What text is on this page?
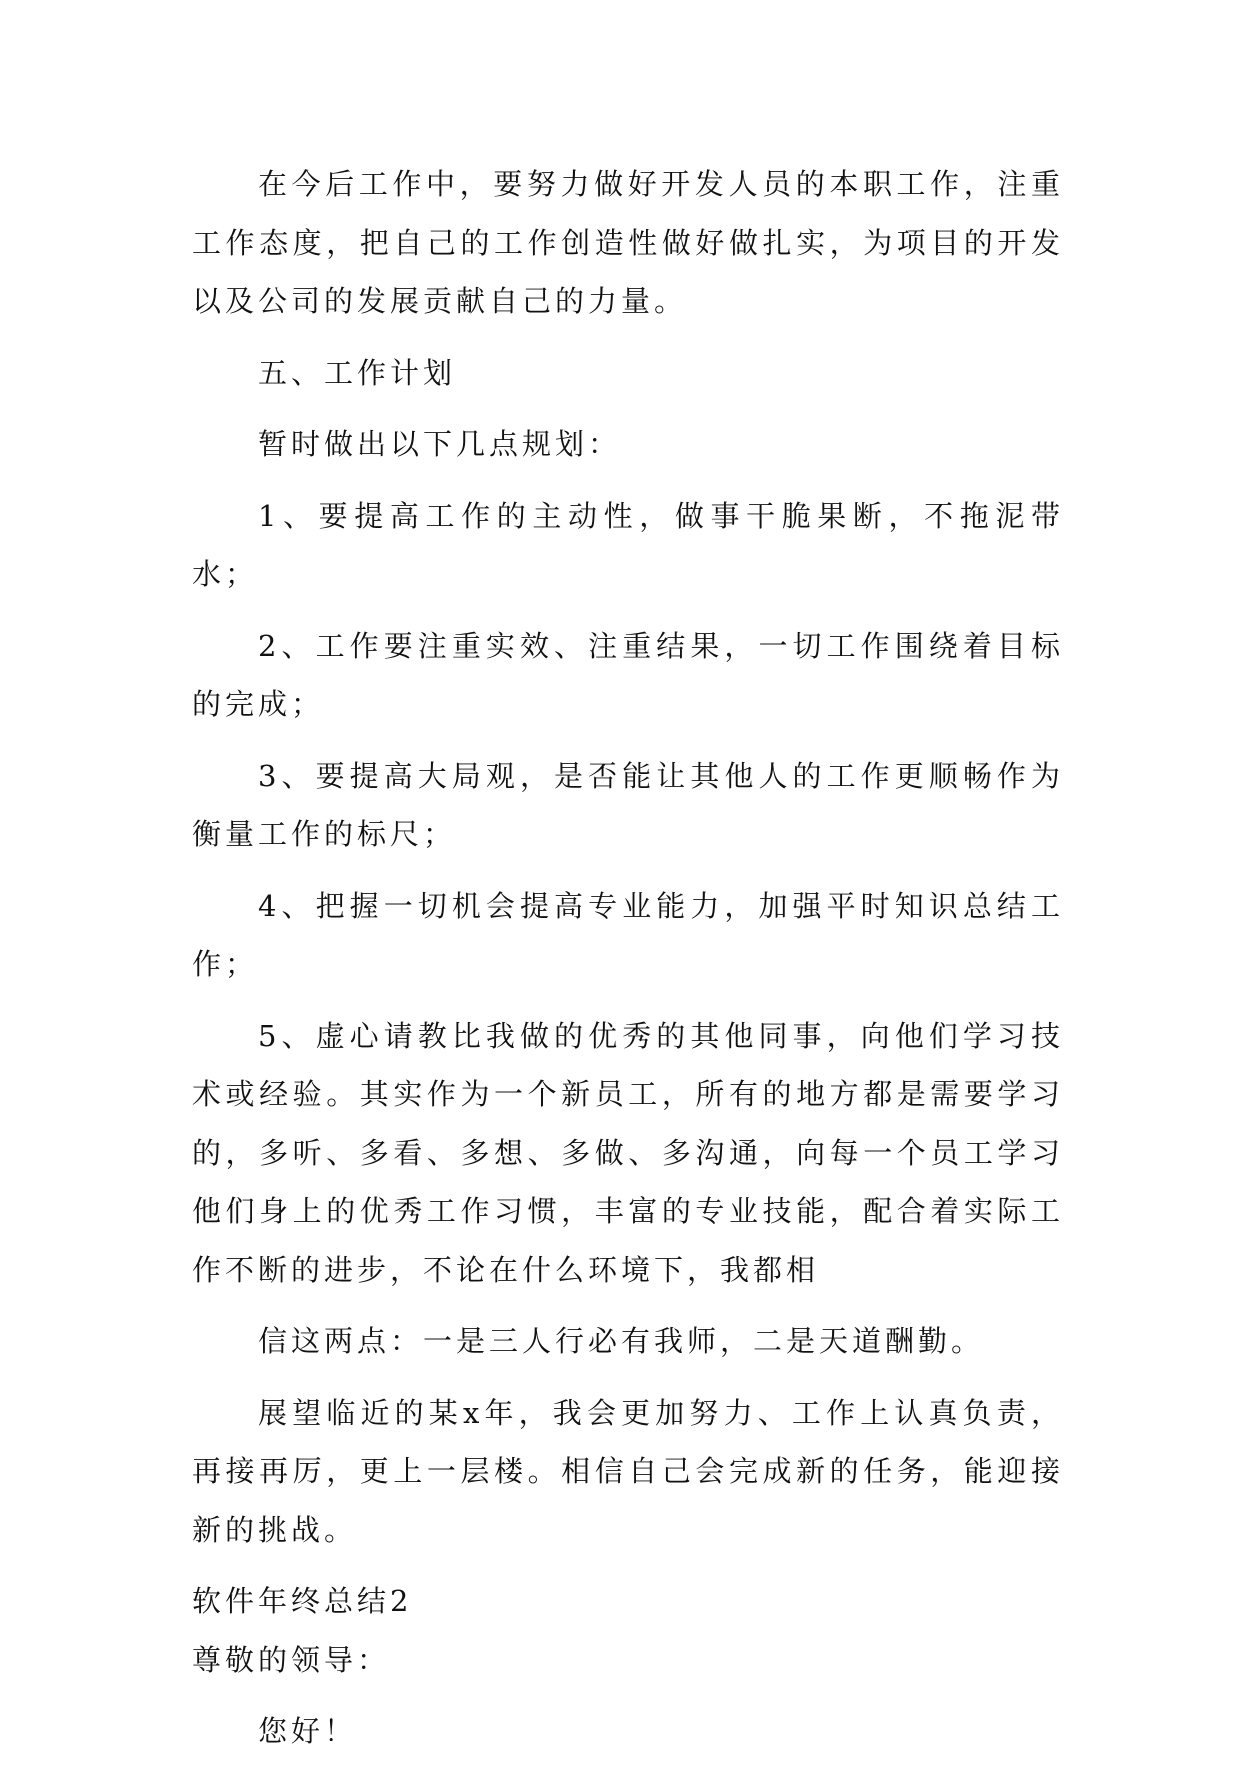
在今后工作中，要努力做好开发人员的本职工作，注重工作态度，把自己的工作创造性做好做扎实，为项目的开发以及公司的发展贡献自己的力量。

五、工作计划

暂时做出以下几点规划：

1、要提高工作的主动性，做事干脆果断，不拖泥带水；

2、工作要注重实效、注重结果，一切工作围绕着目标的完成；

3、要提高大局观，是否能让其他人的工作更顺畅作为衡量工作的标尺；

4、把握一切机会提高专业能力，加强平时知识总结工作；

5、虚心请教比我做的优秀的其他同事，向他们学习技术或经验。其实作为一个新员工，所有的地方都是需要学习的，多听、多看、多想、多做、多沟通，向每一个员工学习他们身上的优秀工作习惯，丰富的专业技能，配合着实际工作不断的进步，不论在什么环境下，我都相

信这两点：一是三人行必有我师，二是天道酬勤。

展望临近的某x年，我会更加努力、工作上认真负责，再接再厉，更上一层楼。相信自己会完成新的任务，能迎接新的挑战。

软件年终总结2

尊敬的领导：

您好！
